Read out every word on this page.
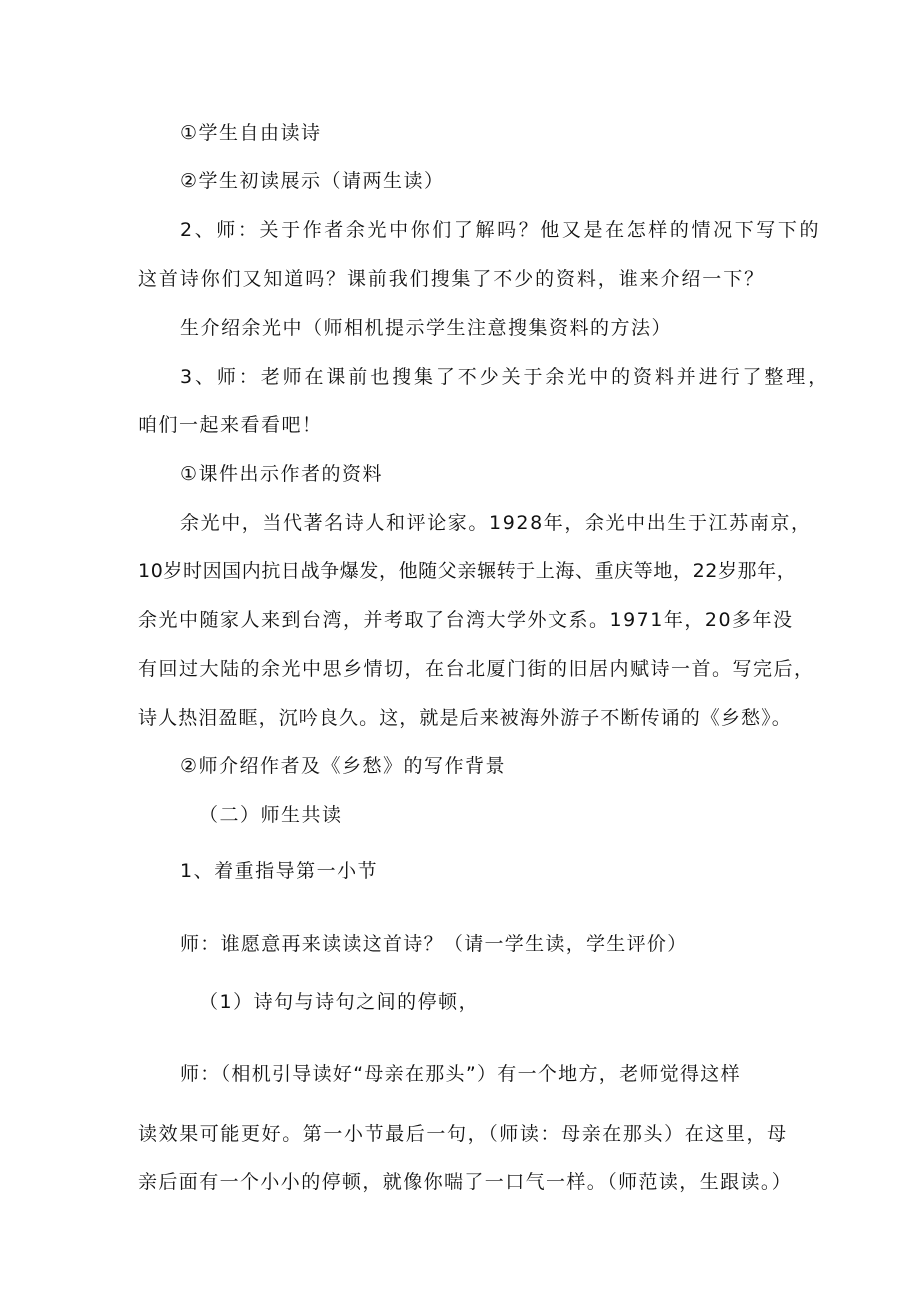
①学生自由读诗
②学生初读展示（请两生读）
2、师：关于作者余光中你们了解吗？他又是在怎样的情况下写下的
这首诗你们又知道吗？课前我们搜集了不少的资料，谁来介绍一下？
生介绍余光中（师相机提示学生注意搜集资料的方法）
3、师：老师在课前也搜集了不少关于余光中的资料并进行了整理，
咱们一起来看看吧！
①课件出示作者的资料
余光中，当代著名诗人和评论家。1928年，余光中出生于江苏南京，
10岁时因国内抗日战争爆发，他随父亲辗转于上海、重庆等地，22岁那年，
余光中随家人来到台湾，并考取了台湾大学外文系。1971年，20多年没
有回过大陆的余光中思乡情切，在台北厦门街的旧居内赋诗一首。写完后，
诗人热泪盈眶，沉吟良久。这，就是后来被海外游子不断传诵的《乡愁》。
②师介绍作者及《乡愁》的写作背景
（二）师生共读
1、着重指导第一小节
师：谁愿意再来读读这首诗？（请一学生读，学生评价）
（1）诗句与诗句之间的停顿，
师：（相机引导读好“母亲在那头”）有一个地方，老师觉得这样
读效果可能更好。第一小节最后一句，（师读：母亲在那头）在这里，母
亲后面有一个小小的停顿，就像你喘了一口气一样。（师范读，生跟读。）
